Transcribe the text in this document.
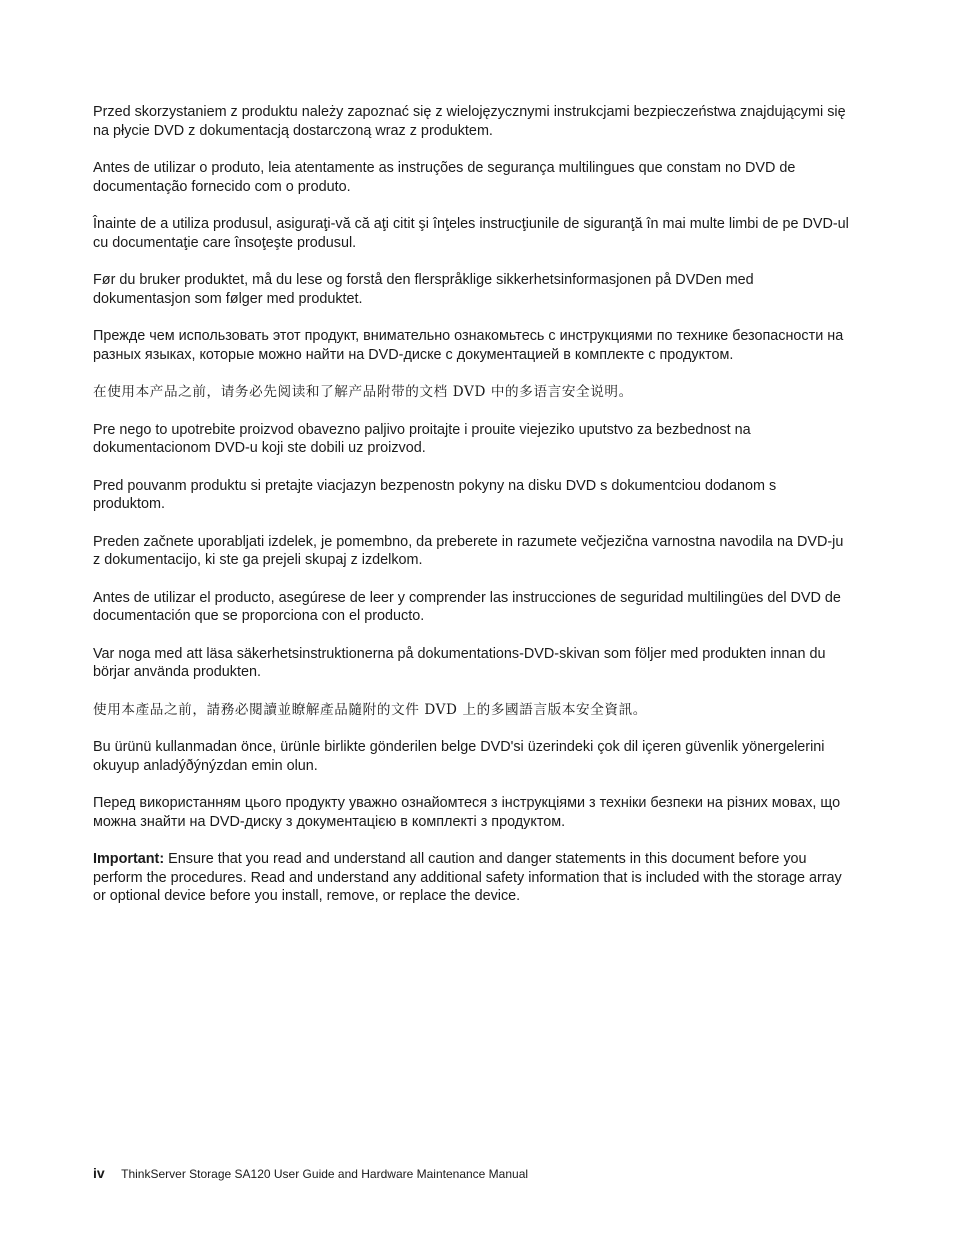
Przed skorzystaniem z produktu należy zapoznać się z wielojęzycznymi instrukcjami bezpieczeństwa znajdującymi się na płycie DVD z dokumentacją dostarczoną wraz z produktem.

Antes de utilizar o produto, leia atentamente as instruções de segurança multilingues que constam no DVD de documentação fornecido com o produto.

Înainte de a utiliza produsul, asiguraţi-vă că aţi citit şi înţeles instrucţiunile de siguranţă în mai multe limbi de pe DVD-ul cu documentaţie care însoţeşte produsul.

Før du bruker produktet, må du lese og forstå den flerspråklige sikkerhetsinformasjonen på DVDen med dokumentasjon som følger med produktet.

Прежде чем использовать этот продукт, внимательно ознакомьтесь с инструкциями по технике безопасности на разных языках, которые можно найти на DVD-диске с документацией в комплекте с продуктом.

在使用本产品之前，请务必先阅读和了解产品附带的文档 DVD 中的多语言安全说明。

Pre nego to upotrebite proizvod obavezno paljivo proitajte i prouite viejeziko uputstvo za bezbednost na dokumentacionom DVD-u koji ste dobili uz proizvod.

Pred pouvanm produktu si pretajte viacjazyn bezpenostn pokyny na disku DVD s dokumentciou dodanom s produktom.

Preden začnete uporabljati izdelek, je pomembno, da preberete in razumete večjezična varnostna navodila na DVD-ju z dokumentacijo, ki ste ga prejeli skupaj z izdelkom.

Antes de utilizar el producto, asegúrese de leer y comprender las instrucciones de seguridad multilingües del DVD de documentación que se proporciona con el producto.

Var noga med att läsa säkerhetsinstruktionerna på dokumentations-DVD-skivan som följer med produkten innan du börjar använda produkten.

使用本產品之前，請務必閱讀並瞭解產品隨附的文件 DVD 上的多國語言版本安全資訊。

Bu ürünü kullanmadan önce, ürünle birlikte gönderilen belge DVD'si üzerindeki çok dil içeren güvenlik yönergelerini okuyup anladýðýnýzdan emin olun.

Перед використанням цього продукту уважно ознайомтеся з інструкціями з техніки безпеки на різних мовах, що можна знайти на DVD-диску з документацією в комплекті з продуктом.

Important: Ensure that you read and understand all caution and danger statements in this document before you perform the procedures. Read and understand any additional safety information that is included with the storage array or optional device before you install, remove, or replace the device.

iv ThinkServer Storage SA120 User Guide and Hardware Maintenance Manual
